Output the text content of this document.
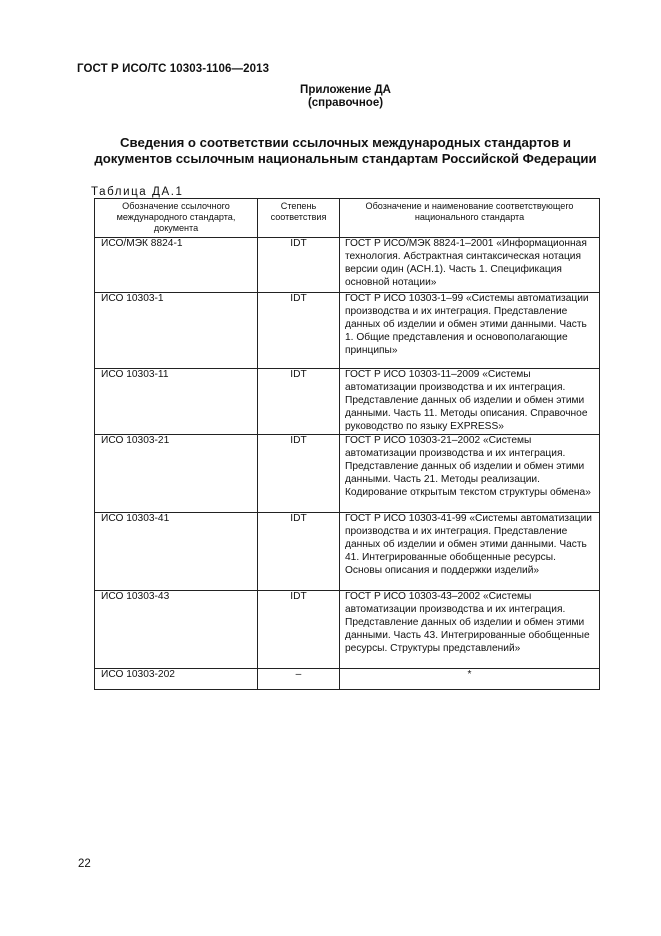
ГОСТ Р ИСО/ТС 10303-1106—2013
Приложение ДА
(справочное)
Сведения о соответствии ссылочных международных стандартов и документов ссылочным национальным стандартам Российской Федерации
Таблица ДА.1
Обозначение ссылочного международного стандарта, документа	Степень соответствия	Обозначение и наименование соответствующего национального стандарта
ИСО/МЭК 8824-1	IDT	ГОСТ Р ИСО/МЭК 8824-1–2001 «Информационная технология. Абстрактная синтаксическая нотация версии один (АСН.1). Часть 1. Спецификация основной нотации»
ИСО 10303-1	IDT	ГОСТ Р ИСО 10303-1–99 «Системы автоматизации производства и их интеграция. Представление данных об изделии и обмен этими данными. Часть 1. Общие представления и основополагающие принципы»
ИСО 10303-11	IDT	ГОСТ Р ИСО 10303-11–2009 «Системы автоматизации производства и их интеграция. Представление данных об изделии и обмен этими данными. Часть 11. Методы описания. Справочное руководство по языку EXPRESS»
ИСО 10303-21	IDT	ГОСТ Р ИСО 10303-21–2002 «Системы автоматизации производства и их интеграция. Представление данных об изделии и обмен этими данными. Часть 21. Методы реализации. Кодирование открытым текстом структуры обмена»
ИСО 10303-41	IDT	ГОСТ Р ИСО 10303-41-99 «Системы автоматизации производства и их интеграция. Представление данных об изделии и обмен этими данными. Часть 41. Интегрированные обобщенные ресурсы. Основы описания и поддержки изделий»
ИСО 10303-43	IDT	ГОСТ Р ИСО 10303-43–2002 «Системы автоматизации производства и их интеграция. Представление данных об изделии и обмен этими данными. Часть 43. Интегрированные обобщенные ресурсы. Структуры представлений»
ИСО 10303-202	–	*
22
